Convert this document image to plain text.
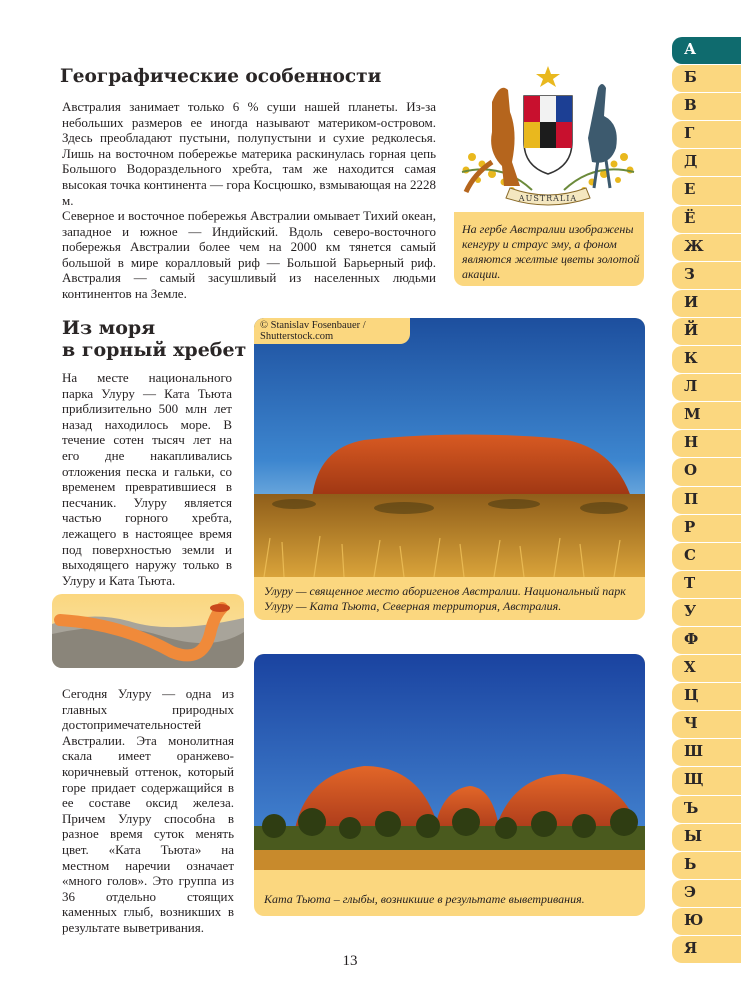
Географические особенности

Австралия занимает только 6 % суши нашей планеты. Из-за небольших размеров ее иногда называют материком-островом. Здесь преобладают пустыни, полупустыни и сухие редколесья. Лишь на восточном побережье материка раскинулась горная цепь Большого Водораздельного хребта, там же находится самая высокая точка континента — гора Косцюшко, взмывающая на 2228 м.

Северное и восточное побережья Австралии омывает Тихий океан, западное и южное — Индийский. Вдоль северо-восточного побережья Австралии более чем на 2000 км тянется самый большой в мире коралловый риф — Большой Барьерный риф. Австралия — самый засушливый из населенных людьми континентов на Земле.

AUSTRALIA

На гербе Австралии изображены кенгуру и страус эму, а фоном являются желтые цветы золотой акации.

Из моря
в горный хребет

На месте национального парка Улуру — Ката Тьюта приблизительно 500 млн лет назад находилось море. В течение сотен тысяч лет на его дне накапливались отложения песка и гальки, со временем превратившиеся в песчаник. Улуру является частью горного хребта, лежащего в настоящее время под поверхностью земли и выходящего наружу только в Улуру и Ката Тьюта.

© Stanislav Fosenbauer / Shutterstock.com

Улуру — священное место аборигенов Австралии. Национальный парк Улуру — Ката Тьюта, Северная территория, Австралия.

Сегодня Улуру — одна из главных природных достопримечательностей Австралии. Эта монолитная скала имеет оранжево-коричневый оттенок, который горе придает содержащийся в ее составе оксид железа. Причем Улуру способна в разное время суток менять цвет. «Ката Тьюта» на местном наречии означает «много голов». Это группа из 36 отдельно стоящих каменных глыб, возникших в результате выветривания.

Ката Тьюта – глыбы, возникшие в результате выветривания.

13
А
Б
В
Г
Д
Е
Ё
Ж
З
И
Й
К
Л
М
Н
О
П
Р
С
Т
У
Ф
Х
Ц
Ч
Ш
Щ
Ъ
Ы
Ь
Э
Ю
Я
